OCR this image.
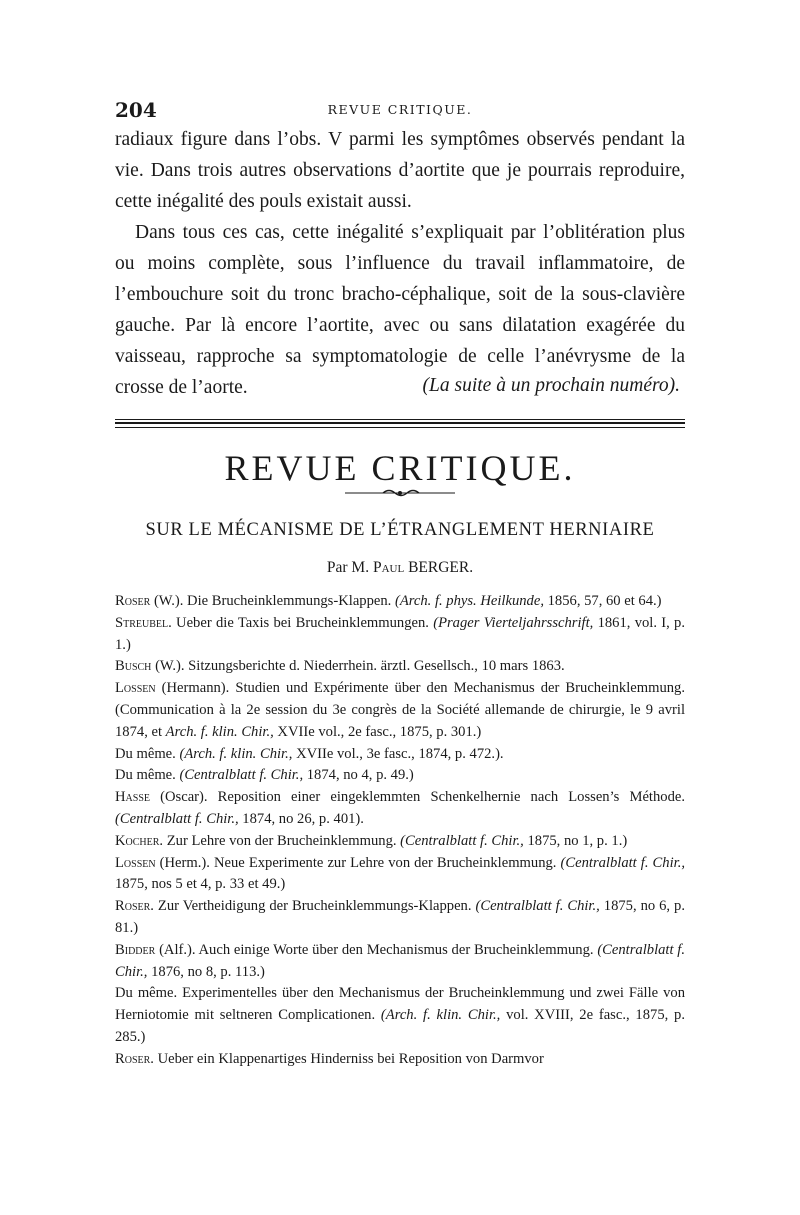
204	REVUE CRITIQUE.

radiaux figure dans l’obs. V parmi les symptômes observés pendant la vie. Dans trois autres observations d’aortite que je pourrais reproduire, cette inégalité des pouls existait aussi.

Dans tous ces cas, cette inégalité s’expliquait par l’oblitération plus ou moins complète, sous l’influence du travail inflammatoire, de l’embouchure soit du tronc bracho-céphalique, soit de la sous-clavière gauche. Par là encore l’aortite, avec ou sans dilatation exagérée du vaisseau, rapproche sa symptomatologie de celle l’anévrysme de la crosse de l’aorte.	(La suite à un prochain numéro).
REVUE CRITIQUE.
SUR LE MÉCANISME DE L’ÉTRANGLEMENT HERNIAIRE
Par M. Paul BERGER.

Roser (W.). Die Brucheinklemmungs-Klappen. (Arch. f. phys. Heilkunde, 1856, 57, 60 et 64.)

Streubel. Ueber die Taxis bei Brucheinklemmungen. (Prager Vierteljahrsschrift, 1861, vol. I, p. 1.)

Busch (W.). Sitzungsberichte d. Niederrhein. ärztl. Gesellsch., 10 mars 1863.

Lossen (Hermann). Studien und Expérimente über den Mechanismus der Brucheinklemmung. (Communication à la 2e session du 3e congrès de la Société allemande de chirurgie, le 9 avril 1874, et Arch. f. klin. Chir., XVIIe vol., 2e fasc., 1875, p. 301.)

Du même. (Arch. f. klin. Chir., XVIIe vol., 3e fasc., 1874, p. 472.).

Du même. (Centralblatt f. Chir., 1874, no 4, p. 49.)

Hasse (Oscar). Reposition einer eingeklemmten Schenkelhernie nach Lossen’s Méthode. (Centralblatt f. Chir., 1874, no 26, p. 401).

Kocher. Zur Lehre von der Brucheinklemmung. (Centralblatt f. Chir., 1875, no 1, p. 1.)

Lossen (Herm.). Neue Experimente zur Lehre von der Brucheinklemmung. (Centralblatt f. Chir., 1875, nos 5 et 4, p. 33 et 49.)

Roser. Zur Vertheidigung der Brucheinklemmungs-Klappen. (Centralblatt f. Chir., 1875, no 6, p. 81.)

Bidder (Alf.). Auch einige Worte über den Mechanismus der Brucheinklemmung. (Centralblatt f. Chir., 1876, no 8, p. 113.)

Du même. Experimentelles über den Mechanismus der Brucheinklemmung und zwei Fälle von Herniotomie mit seltneren Complicationen. (Arch. f. klin. Chir., vol. XVIII, 2e fasc., 1875, p. 285.)

Roser. Ueber ein Klappenartiges Hinderniss bei Reposition von Darmvor
